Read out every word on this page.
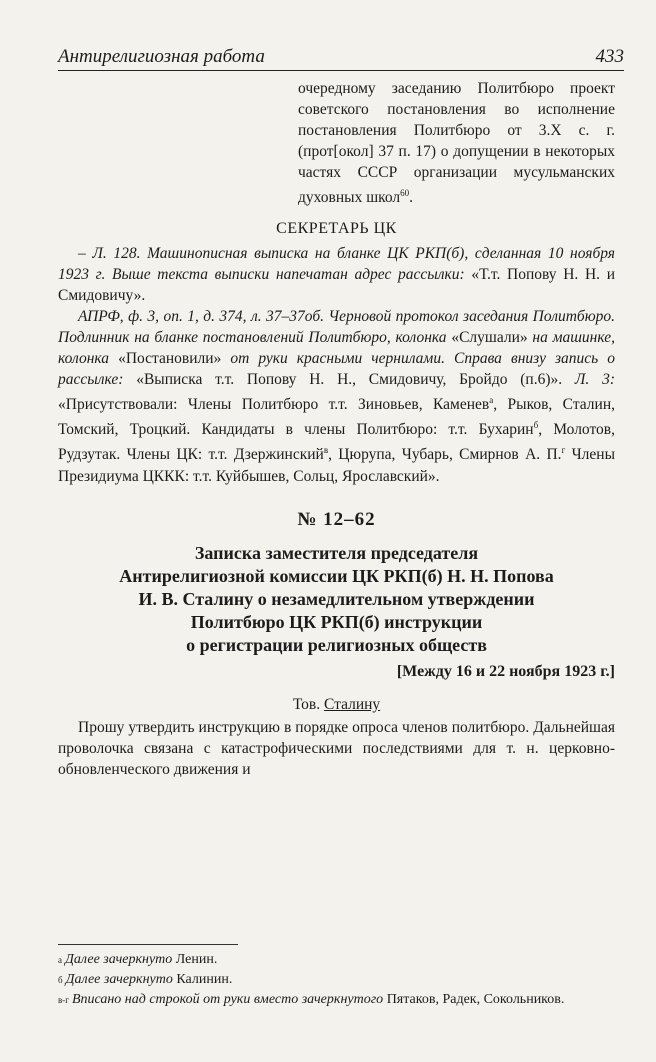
Антирелигиозная работа	433

очередному заседанию Политбюро проект советского постановления во исполнение постановления Политбюро от 3.X с. г. (прот[окол] 37 п. 17) о допущении в некоторых частях СССР организации мусульманских духовных школ$^{60}$.

СЕКРЕТАРЬ ЦК

– Л. 128. Машинописная выписка на бланке ЦК РКП(б), сделанная 10 ноября 1923 г. Выше текста выписки напечатан адрес рассылки: «Т.т. Попову Н. Н. и Смидовичу».

АПРФ, ф. 3, оп. 1, д. 374, л. 37–37об. Черновой протокол заседания Политбюро. Подлинник на бланке постановлений Политбюро, колонка «Слушали» на машинке, колонка «Постановили» от руки красными чернилами. Справа внизу запись о рассылке: «Выписка т.т. Попову Н. Н., Смидовичу, Бройдо (п.6)». Л. 3: «Присутствовали: Члены Политбюро т.т. Зиновьев, Каменев$^а$, Рыков, Сталин, Томский, Троцкий. Кандидаты в члены Политбюро: т.т. Бухарин$^б$, Молотов, Рудзутак. Члены ЦК: т.т. Дзержинский$^в$, Цюрупа, Чубарь, Смирнов А. П.$^г$ Члены Президиума ЦККК: т.т. Куйбышев, Сольц, Ярославский».

№ 12–62

Записка заместителя председателя

Антирелигиозной комиссии ЦК РКП(б) Н. Н. Попова

И. В. Сталину о незамедлительном утверждении

Политбюро ЦК РКП(б) инструкции

о регистрации религиозных обществ

[Между 16 и 22 ноября 1923 г.]

Тов. Сталину

Прошу утвердить инструкцию в порядке опроса членов политбюро. Дальнейшая проволочка связана с катастрофическими последствиями для т. н. церковно-обновленческого движения и

$^а$ Далее зачеркнуто Ленин.

$^б$ Далее зачеркнуто Калинин.

$^{в-г}$ Вписано над строкой от руки вместо зачеркнутого Пятаков, Радек, Сокольников.
